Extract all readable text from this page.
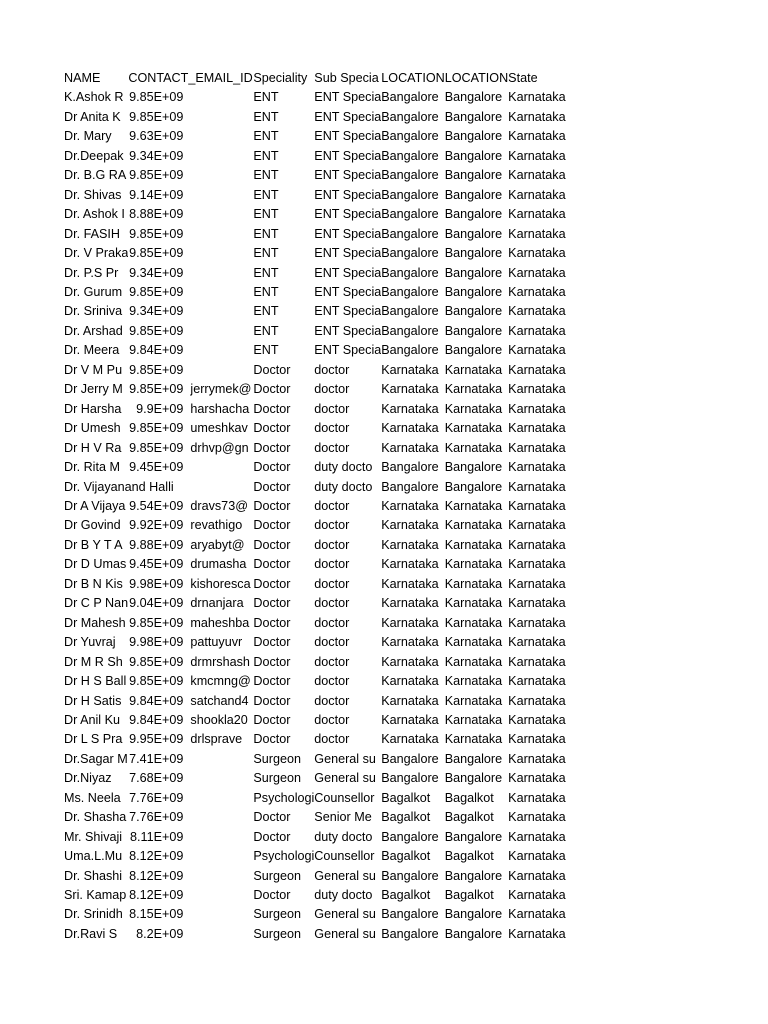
NAME	CONTACT_EMAIL_ID		Speciality	Sub Specia	LOCATION	LOCATION	State
K.Ashok R	9.85E+09		ENT	ENT Specia	Bangalore	Bangalore	Karnataka
Dr Anita K	9.85E+09		ENT	ENT Specia	Bangalore	Bangalore	Karnataka
Dr. Mary	9.63E+09		ENT	ENT Specia	Bangalore	Bangalore	Karnataka
Dr.Deepak	9.34E+09		ENT	ENT Specia	Bangalore	Bangalore	Karnataka
Dr. B.G RA	9.85E+09		ENT	ENT Specia	Bangalore	Bangalore	Karnataka
Dr. Shivas	9.14E+09		ENT	ENT Specia	Bangalore	Bangalore	Karnataka
Dr. Ashok I	8.88E+09		ENT	ENT Specia	Bangalore	Bangalore	Karnataka
Dr. FASIH	9.85E+09		ENT	ENT Specia	Bangalore	Bangalore	Karnataka
Dr. V Praka	9.85E+09		ENT	ENT Specia	Bangalore	Bangalore	Karnataka
Dr. P.S Pr	9.34E+09		ENT	ENT Specia	Bangalore	Bangalore	Karnataka
Dr. Gurum	9.85E+09		ENT	ENT Specia	Bangalore	Bangalore	Karnataka
Dr. Sriniva	9.34E+09		ENT	ENT Specia	Bangalore	Bangalore	Karnataka
Dr. Arshad	9.85E+09		ENT	ENT Specia	Bangalore	Bangalore	Karnataka
Dr. Meera	9.84E+09		ENT	ENT Specia	Bangalore	Bangalore	Karnataka
Dr V M Pu	9.85E+09		Doctor	doctor	Karnataka	Karnataka	Karnataka
Dr Jerry M	9.85E+09	jerrymek@	Doctor	doctor	Karnataka	Karnataka	Karnataka
Dr Harsha	9.9E+09	harshacha	Doctor	doctor	Karnataka	Karnataka	Karnataka
Dr Umesh	9.85E+09	umeshkav	Doctor	doctor	Karnataka	Karnataka	Karnataka
Dr H V Ra	9.85E+09	drhvp@gn	Doctor	doctor	Karnataka	Karnataka	Karnataka
Dr. Rita M	9.45E+09		Doctor	duty docto	Bangalore	Bangalore	Karnataka
Dr. Vijayanand Halli			Doctor	duty docto	Bangalore	Bangalore	Karnataka
Dr A Vijaya	9.54E+09	dravs73@	Doctor	doctor	Karnataka	Karnataka	Karnataka
Dr Govind	9.92E+09	revathigo	Doctor	doctor	Karnataka	Karnataka	Karnataka
Dr B Y T A	9.88E+09	aryabyt@	Doctor	doctor	Karnataka	Karnataka	Karnataka
Dr D Umas	9.45E+09	drumasha	Doctor	doctor	Karnataka	Karnataka	Karnataka
Dr B N Kis	9.98E+09	kishoresca	Doctor	doctor	Karnataka	Karnataka	Karnataka
Dr C P Nan	9.04E+09	drnanjara	Doctor	doctor	Karnataka	Karnataka	Karnataka
Dr Mahesh	9.85E+09	maheshba	Doctor	doctor	Karnataka	Karnataka	Karnataka
Dr Yuvraj	9.98E+09	pattuyuvr	Doctor	doctor	Karnataka	Karnataka	Karnataka
Dr M R Sh	9.85E+09	drmrshash	Doctor	doctor	Karnataka	Karnataka	Karnataka
Dr H S Ball	9.85E+09	kmcmng@	Doctor	doctor	Karnataka	Karnataka	Karnataka
Dr H Satis	9.84E+09	satchand4	Doctor	doctor	Karnataka	Karnataka	Karnataka
Dr Anil Ku	9.84E+09	shookla20	Doctor	doctor	Karnataka	Karnataka	Karnataka
Dr L S Pra	9.95E+09	drlsprave	Doctor	doctor	Karnataka	Karnataka	Karnataka
Dr.Sagar M	7.41E+09		Surgeon	General su	Bangalore	Bangalore	Karnataka
Dr.Niyaz	7.68E+09		Surgeon	General su	Bangalore	Bangalore	Karnataka
Ms. Neela	7.76E+09		Psychologi	Counsellor	Bagalkot	Bagalkot	Karnataka
Dr. Shasha	7.76E+09		Doctor	Senior Me	Bagalkot	Bagalkot	Karnataka
Mr. Shivaji	8.11E+09		Doctor	duty docto	Bangalore	Bangalore	Karnataka
Uma.L.Mu	8.12E+09		Psychologi	Counsellor	Bagalkot	Bagalkot	Karnataka
Dr. Shashi	8.12E+09		Surgeon	General su	Bangalore	Bangalore	Karnataka
Sri. Kamap	8.12E+09		Doctor	duty docto	Bagalkot	Bagalkot	Karnataka
Dr. Srinidh	8.15E+09		Surgeon	General su	Bangalore	Bangalore	Karnataka
Dr.Ravi S	8.2E+09		Surgeon	General su	Bangalore	Bangalore	Karnataka
